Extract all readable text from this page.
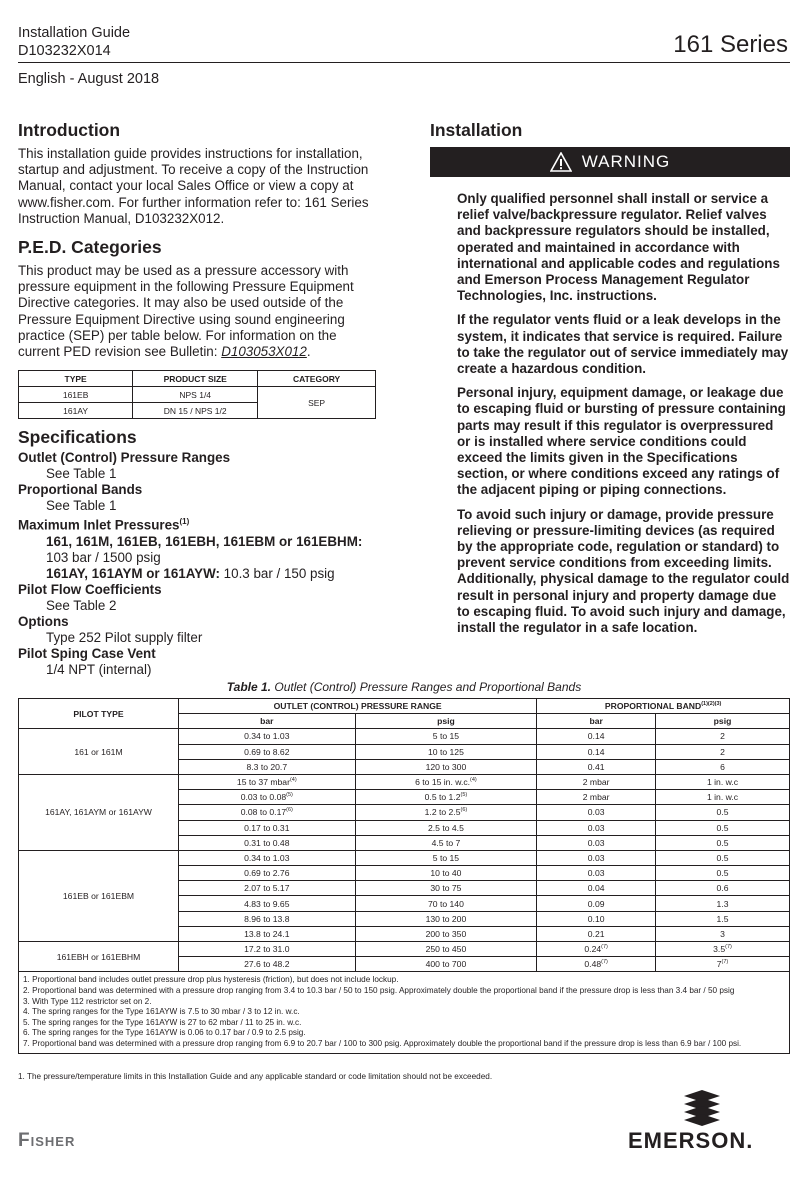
Installation Guide
D103232X014	161 Series
English - August 2018
Introduction

This installation guide provides instructions for installation, startup and adjustment. To receive a copy of the Instruction Manual, contact your local Sales Office or view a copy at www.fisher.com. For further information refer to: 161 Series Instruction Manual, D103232X012.

P.E.D. Categories

This product may be used as a pressure accessory with pressure equipment in the following Pressure Equipment Directive categories. It may also be used outside of the Pressure Equipment Directive using sound engineering practice (SEP) per table below. For information on the current PED revision see Bulletin: D103053X012.

TYPE	PRODUCT SIZE	CATEGORY
161EB	NPS 1/4	SEP
161AY	DN 15 / NPS 1/2	
Specifications
Outlet (Control) Pressure Ranges
See Table 1
Proportional Bands
See Table 1
Maximum Inlet Pressures$^{(1)}$
161, 161M, 161EB, 161EBH, 161EBM or 161EBHM:
103 bar / 1500 psig
161AY, 161AYM or 161AYW: 10.3 bar / 150 psig
Pilot Flow Coefficients
See Table 2
Options
Type 252 Pilot supply filter
Pilot Sping Case Vent
1/4 NPT (internal)
Installation
WARNING

Only qualified personnel shall install or service a relief valve/backpressure regulator. Relief valves and backpressure regulators should be installed, operated and maintained in accordance with international and applicable codes and regulations and Emerson Process Management Regulator Technologies, Inc. instructions.

If the regulator vents fluid or a leak develops in the system, it indicates that service is required. Failure to take the regulator out of service immediately may create a hazardous condition.

Personal injury, equipment damage, or leakage due to escaping fluid or bursting of pressure containing parts may result if this regulator is overpressured or is installed where service conditions could exceed the limits given in the Specifications section, or where conditions exceed any ratings of the adjacent piping or piping connections.

To avoid such injury or damage, provide pressure relieving or pressure-limiting devices (as required by the appropriate code, regulation or standard) to prevent service conditions from exceeding limits. Additionally, physical damage to the regulator could result in personal injury and property damage due to escaping fluid. To avoid such injury and damage, install the regulator in a safe location.

Table 1. Outlet (Control) Pressure Ranges and Proportional Bands
PILOT TYPE	OUTLET (CONTROL) PRESSURE RANGE		PROPORTIONAL $BAND^{(1)(2)(3)}$
	bar	psig	bar	psig
161 or 161M	0.34 to 1.03	5 to 15	0.14	2
	0.69 to 8.62	10 to 125	0.14	2
	8.3 to 20.7	120 to 300	0.41	6
161AY, 161AYM or 161AYW	15 to 37 mbar$^{(4)}$	6 to 15 in. w.c.$^{(4)}$	2 mbar	1 in. w.c
	0.03 to 0.08$^{(5)}$	0.5 to 1.2$^{(5)}$	2 mbar	1 in. w.c
	0.08 to 0.17$^{(6)}$	1.2 to 2.5$^{(6)}$	0.03	0.5
	0.17 to 0.31	2.5 to 4.5	0.03	0.5
	0.31 to 0.48	4.5 to 7	0.03	0.5
161EB or 161EBM	0.34 to 1.03	5 to 15	0.03	0.5
	0.69 to 2.76	10 to 40	0.03	0.5
	2.07 to 5.17	30 to 75	0.04	0.6
	4.83 to 9.65	70 to 140	0.09	1.3
	8.96 to 13.8	130 to 200	0.10	1.5
	13.8 to 24.1	200 to 350	0.21	3
161EBH or 161EBHM	17.2 to 31.0	250 to 450	0.24$^{(7)}$	3.5$^{(7)}$
	27.6 to 48.2	400 to 700	0.48$^{(7)}$	7$^{(7)}$
1. Proportional band includes outlet pressure drop plus hysteresis (friction), but does not include lockup.
2. Proportional band was determined with a pressure drop ranging from 3.4 to 10.3 bar / 50 to 150 psig. Approximately double the proportional band if the pressure drop is less than 3.4 bar / 50 psig
3. With Type 112 restrictor set on 2.
4. The spring ranges for the Type 161AYW is 7.5 to 30 mbar / 3 to 12 in. w.c.
5. The spring ranges for the Type 161AYW is 27 to 62 mbar / 11 to 25 in. w.c.
6. The spring ranges for the Type 161AYW is 0.06 to 0.17 bar / 0.9 to 2.5 psig.
7. Proportional band was determined with a pressure drop ranging from 6.9 to 20.7 bar / 100 to 300 psig. Approximately double the proportional band if the pressure drop is less than 6.9 bar / 100 psi.
1. The pressure/temperature limits in this Installation Guide and any applicable standard or code limitation should not be exceeded.
Fisher	EMERSON.
